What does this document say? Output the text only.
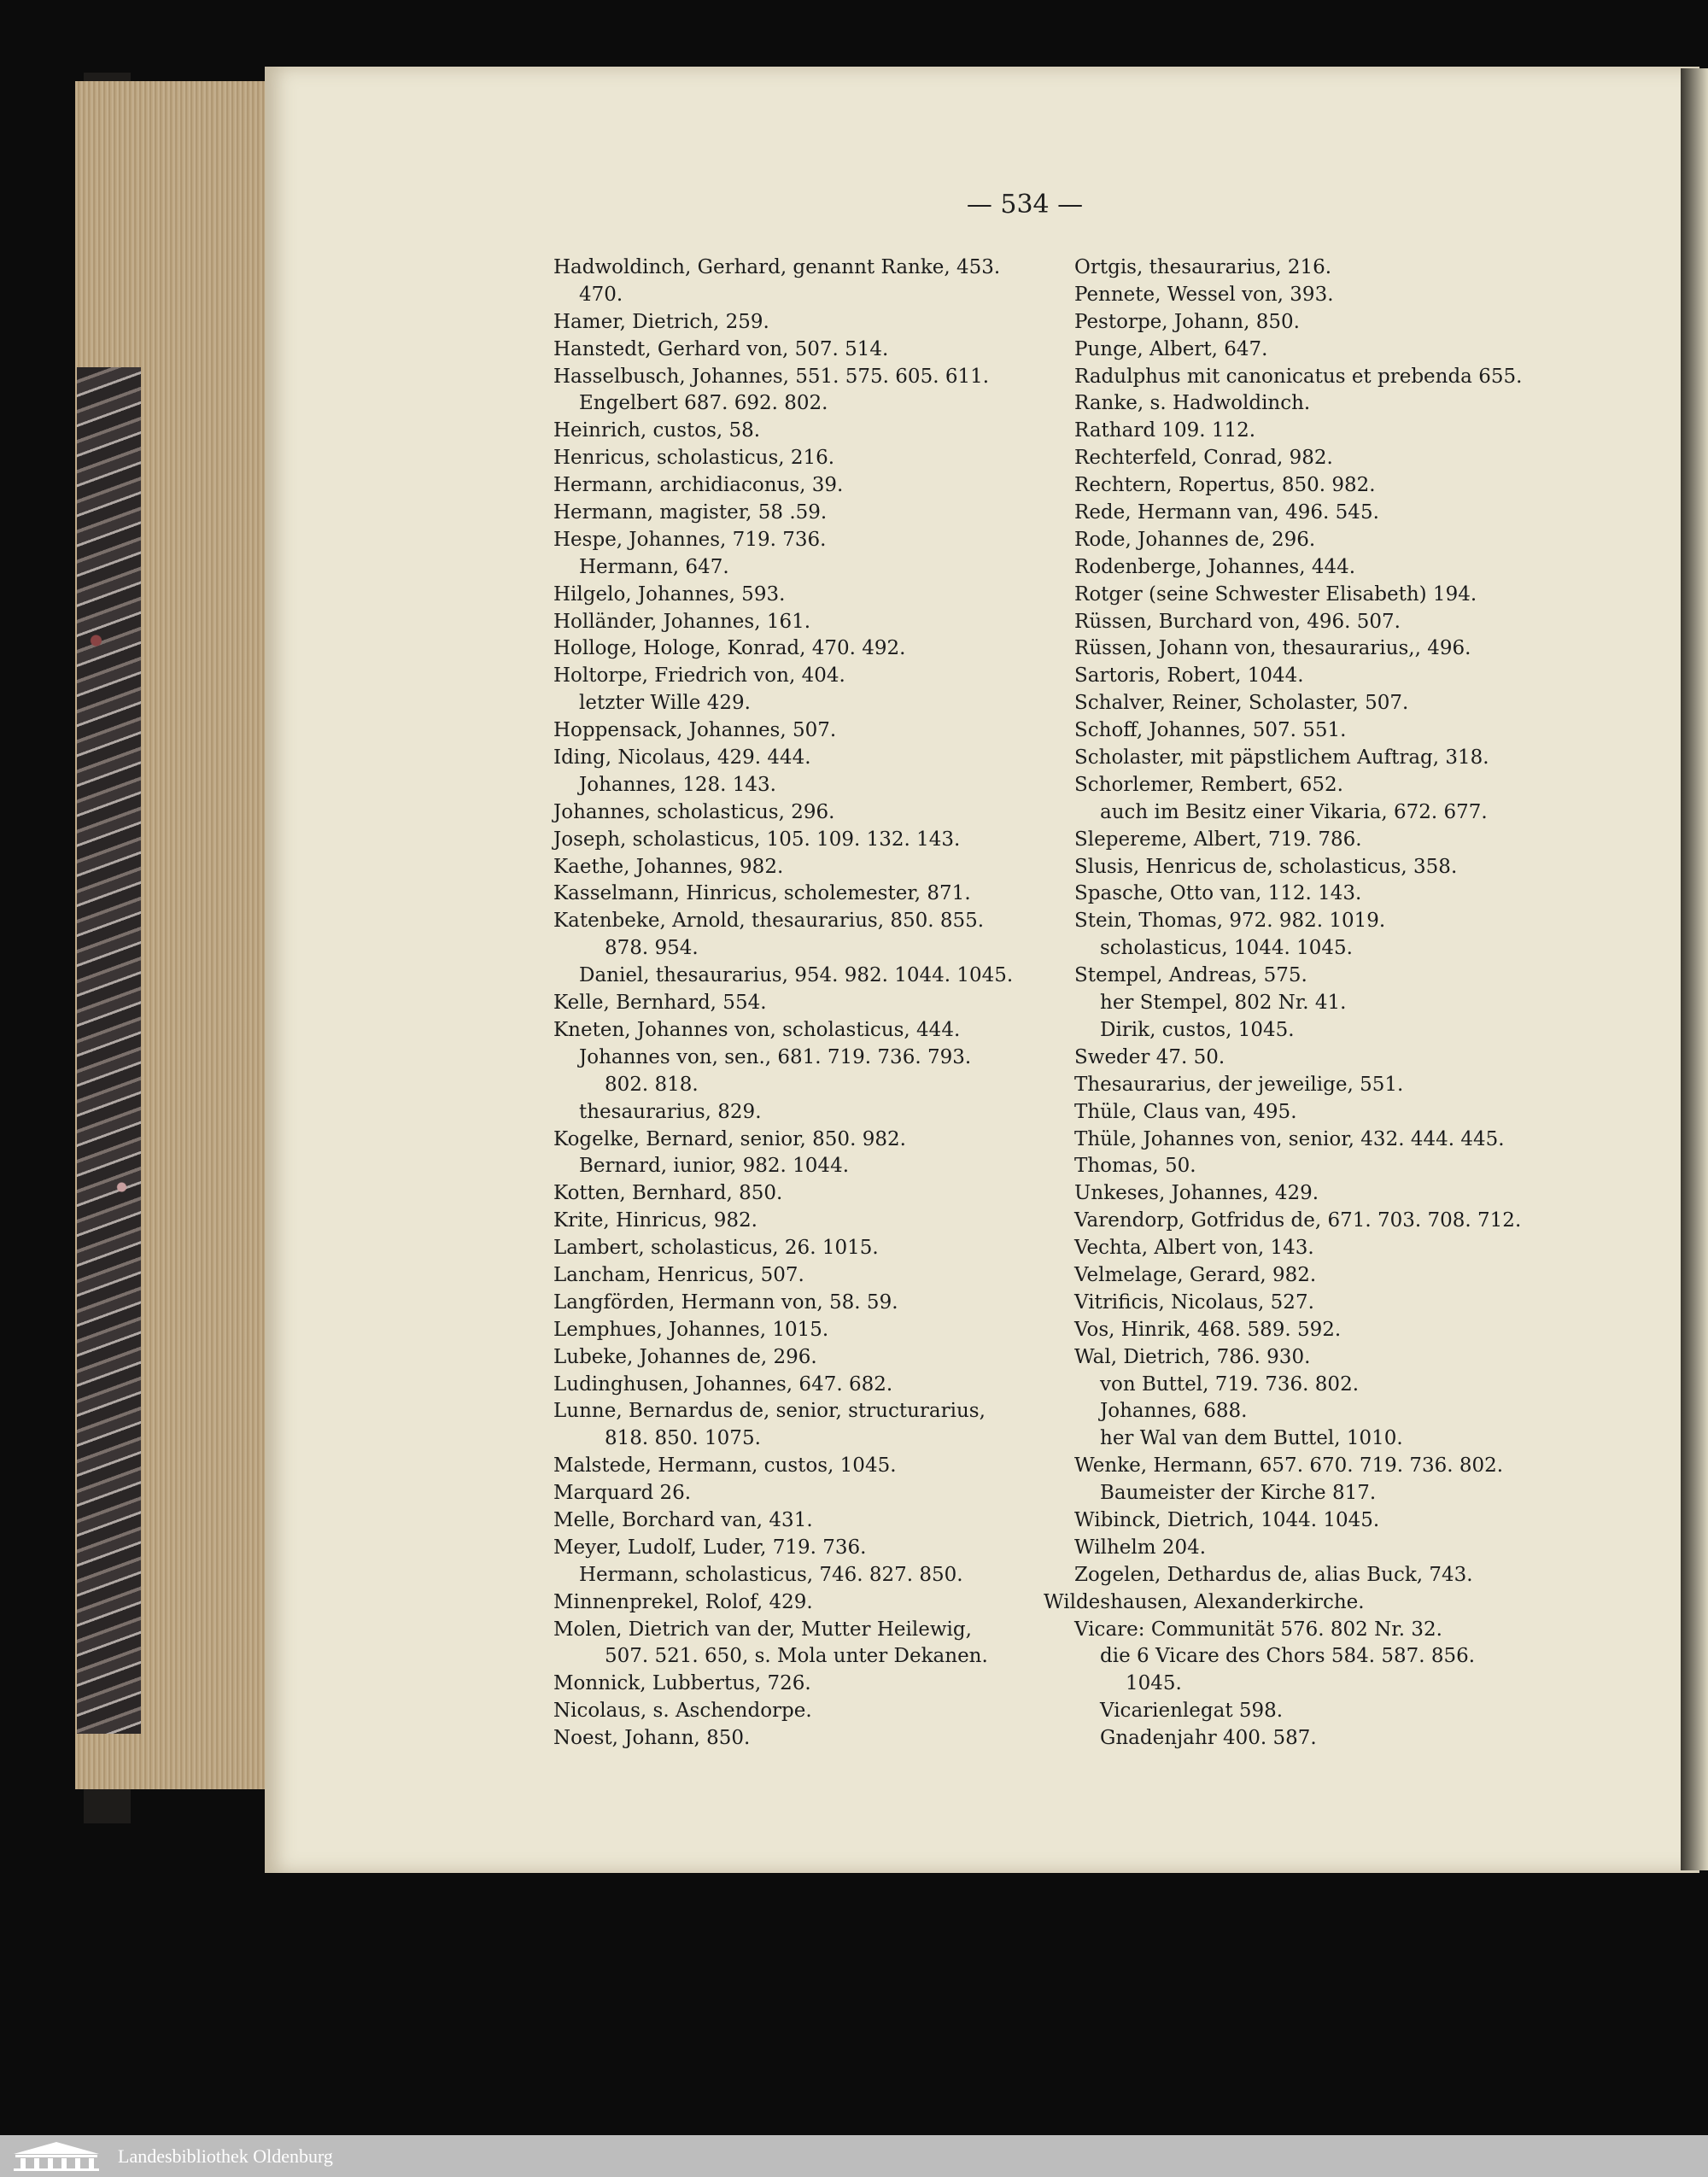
— 534 —
Hadwoldinch, Gerhard, genannt Ranke, 453.
470.
Hamer, Dietrich, 259.
Hanstedt, Gerhard von, 507. 514.
Hasselbusch, Johannes, 551. 575. 605. 611.
Engelbert 687. 692. 802.
Heinrich, custos, 58.
Henricus, scholasticus, 216.
Hermann, archidiaconus, 39.
Hermann, magister, 58 .59.
Hespe, Johannes, 719. 736.
Hermann, 647.
Hilgelo, Johannes, 593.
Holländer, Johannes, 161.
Holloge, Hologe, Konrad, 470. 492.
Holtorpe, Friedrich von, 404.
letzter Wille 429.
Hoppensack, Johannes, 507.
Iding, Nicolaus, 429. 444.
Johannes, 128. 143.
Johannes, scholasticus, 296.
Joseph, scholasticus, 105. 109. 132. 143.
Kaethe, Johannes, 982.
Kasselmann, Hinricus, scholemester, 871.
Katenbeke, Arnold, thesaurarius, 850. 855.
878. 954.
Daniel, thesaurarius, 954. 982. 1044. 1045.
Kelle, Bernhard, 554.
Kneten, Johannes von, scholasticus, 444.
Johannes von, sen., 681. 719. 736. 793.
802. 818.
thesaurarius, 829.
Kogelke, Bernard, senior, 850. 982.
Bernard, iunior, 982. 1044.
Kotten, Bernhard, 850.
Krite, Hinricus, 982.
Lambert, scholasticus, 26. 1015.
Lancham, Henricus, 507.
Langförden, Hermann von, 58. 59.
Lemphues, Johannes, 1015.
Lubeke, Johannes de, 296.
Ludinghusen, Johannes, 647. 682.
Lunne, Bernardus de, senior, structurarius,
818. 850. 1075.
Malstede, Hermann, custos, 1045.
Marquard 26.
Melle, Borchard van, 431.
Meyer, Ludolf, Luder, 719. 736.
Hermann, scholasticus, 746. 827. 850.
Minnenprekel, Rolof, 429.
Molen, Dietrich van der, Mutter Heilewig,
507. 521. 650, s. Mola unter Dekanen.
Monnick, Lubbertus, 726.
Nicolaus, s. Aschendorpe.
Noest, Johann, 850.
Ortgis, thesaurarius, 216.
Pennete, Wessel von, 393.
Pestorpe, Johann, 850.
Punge, Albert, 647.
Radulphus mit canonicatus et prebenda 655.
Ranke, s. Hadwoldinch.
Rathard 109. 112.
Rechterfeld, Conrad, 982.
Rechtern, Ropertus, 850. 982.
Rede, Hermann van, 496. 545.
Rode, Johannes de, 296.
Rodenberge, Johannes, 444.
Rotger (seine Schwester Elisabeth) 194.
Rüssen, Burchard von, 496. 507.
Rüssen, Johann von, thesaurarius,, 496.
Sartoris, Robert, 1044.
Schalver, Reiner, Scholaster, 507.
Schoff, Johannes, 507. 551.
Scholaster, mit päpstlichem Auftrag, 318.
Schorlemer, Rembert, 652.
auch im Besitz einer Vikaria, 672. 677.
Slepereme, Albert, 719. 786.
Slusis, Henricus de, scholasticus, 358.
Spasche, Otto van, 112. 143.
Stein, Thomas, 972. 982. 1019.
scholasticus, 1044. 1045.
Stempel, Andreas, 575.
her Stempel, 802 Nr. 41.
Dirik, custos, 1045.
Sweder 47. 50.
Thesaurarius, der jeweilige, 551.
Thüle, Claus van, 495.
Thüle, Johannes von, senior, 432. 444. 445.
Thomas, 50.
Unkeses, Johannes, 429.
Varendorp, Gotfridus de, 671. 703. 708. 712.
Vechta, Albert von, 143.
Velmelage, Gerard, 982.
Vitrificis, Nicolaus, 527.
Vos, Hinrik, 468. 589. 592.
Wal, Dietrich, 786. 930.
von Buttel, 719. 736. 802.
Johannes, 688.
her Wal van dem Buttel, 1010.
Wenke, Hermann, 657. 670. 719. 736. 802.
Baumeister der Kirche 817.
Wibinck, Dietrich, 1044. 1045.
Wilhelm 204.
Zogelen, Dethardus de, alias Buck, 743.
Wildeshausen, Alexanderkirche.
Vicare: Communität 576. 802 Nr. 32.
die 6 Vicare des Chors 584. 587. 856.
1045.
Vicarienlegat 598.
Gnadenjahr 400. 587.
Landesbibliothek Oldenburg
